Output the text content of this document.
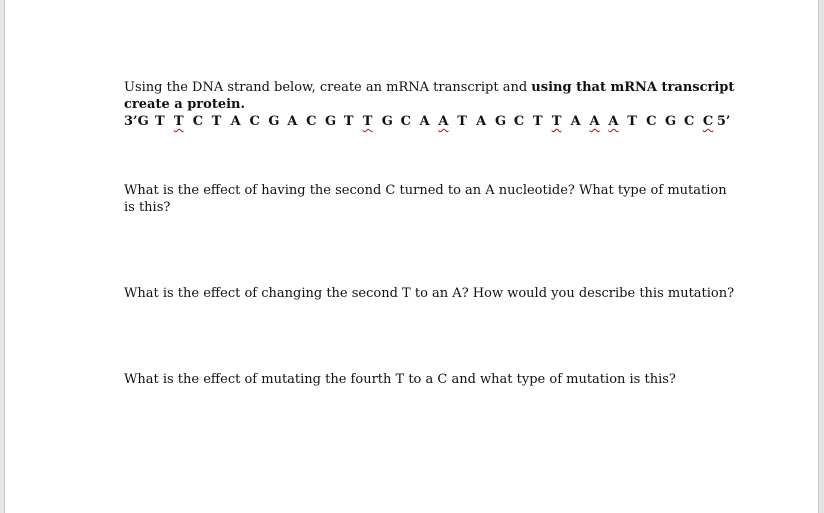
Using the DNA strand below, create an mRNA transcript and using that mRNA transcript
create a protein.
3’G T T C T A C G A C G T T G C A A T A G C T T A A A T C G C C 5’
What is the effect of having the second C turned to an A nucleotide? What type of mutation
is this?
What is the effect of changing the second T to an A? How would you describe this mutation?
What is the effect of mutating the fourth T to a C and what type of mutation is this?
